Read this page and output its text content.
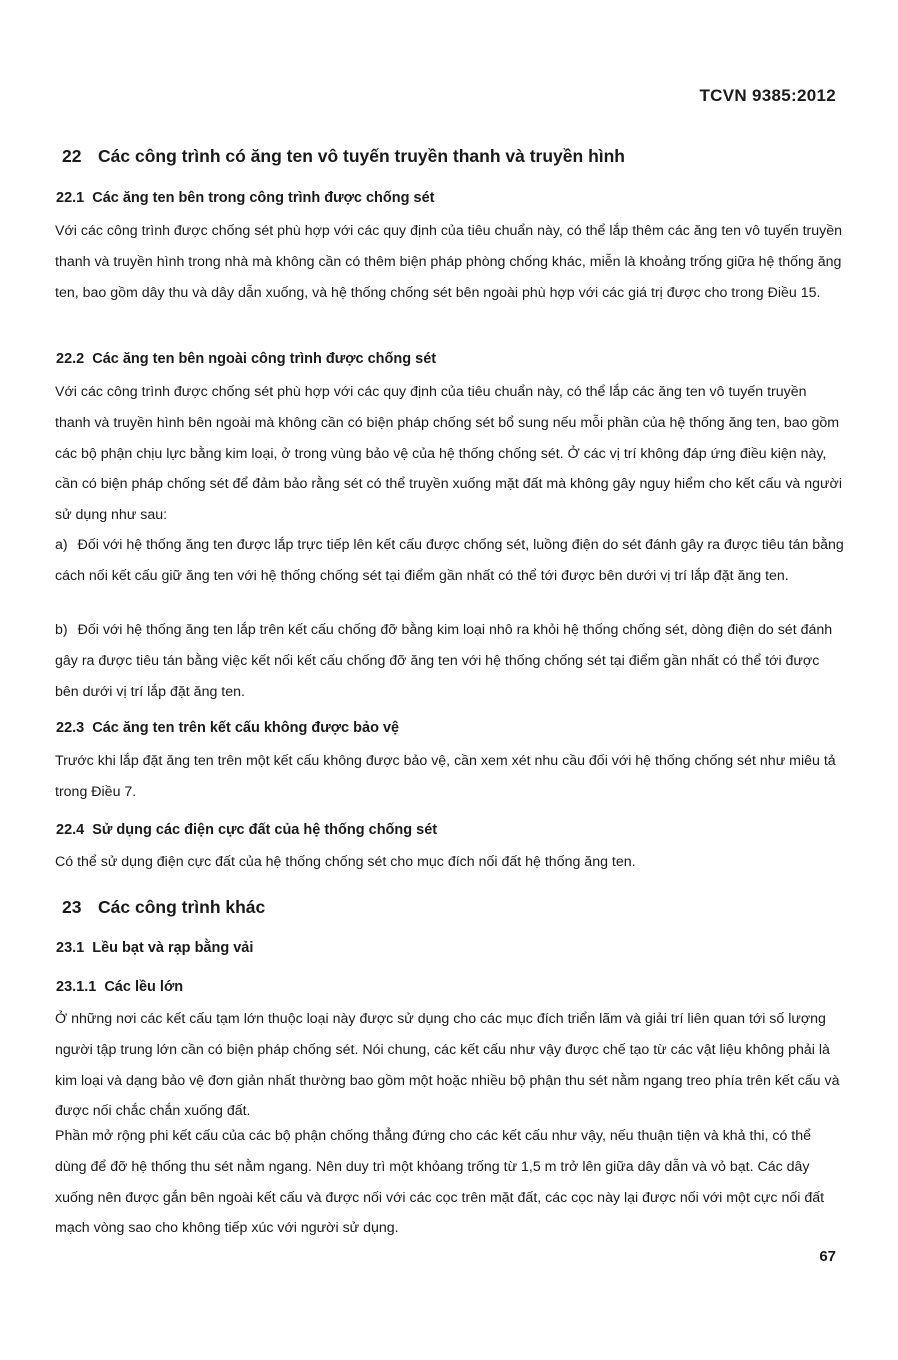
TCVN 9385:2012
22 Các công trình có ăng ten vô tuyến truyền thanh và truyền hình
22.1 Các ăng ten bên trong công trình được chống sét

Với các công trình được chống sét phù hợp với các quy định của tiêu chuẩn này, có thể lắp thêm các ăng ten vô tuyến truyền thanh và truyền hình trong nhà mà không cần có thêm biện pháp phòng chống khác, miễn là khoảng trống giữa hệ thống ăng ten, bao gồm dây thu và dây dẫn xuống, và hệ thống chống sét bên ngoài phù hợp với các giá trị được cho trong Điều 15.

22.2 Các ăng ten bên ngoài công trình được chống sét

Với các công trình được chống sét phù hợp với các quy định của tiêu chuẩn này, có thể lắp các ăng ten vô tuyến truyền thanh và truyền hình bên ngoài mà không cần có biện pháp chống sét bổ sung nếu mỗi phần của hệ thống ăng ten, bao gồm các bộ phận chịu lực bằng kim loại, ở trong vùng bảo vệ của hệ thống chống sét. Ở các vị trí không đáp ứng điều kiện này, cần có biện pháp chống sét để đảm bảo rằng sét có thể truyền xuống mặt đất mà không gây nguy hiểm cho kết cấu và người sử dụng như sau:

a) Đối với hệ thống ăng ten được lắp trực tiếp lên kết cấu được chống sét, luồng điện do sét đánh gây ra được tiêu tán bằng cách nối kết cấu giữ ăng ten với hệ thống chống sét tại điểm gần nhất có thể tới được bên dưới vị trí lắp đặt ăng ten.

b) Đối với hệ thống ăng ten lắp trên kết cấu chống đỡ bằng kim loại nhô ra khỏi hệ thống chống sét, dòng điện do sét đánh gây ra được tiêu tán bằng việc kết nối kết cấu chống đỡ ăng ten với hệ thống chống sét tại điểm gần nhất có thể tới được bên dưới vị trí lắp đặt ăng ten.

22.3 Các ăng ten trên kết cấu không được bảo vệ

Trước khi lắp đặt ăng ten trên một kết cấu không được bảo vệ, cần xem xét nhu cầu đối với hệ thống chống sét như miêu tả trong Điều 7.

22.4 Sử dụng các điện cực đất của hệ thống chống sét

Có thể sử dụng điện cực đất của hệ thống chống sét cho mục đích nối đất hệ thống ăng ten.

23 Các công trình khác
23.1 Lều bạt và rạp bằng vải
23.1.1 Các lều lớn

Ở những nơi các kết cấu tạm lớn thuộc loại này được sử dụng cho các mục đích triển lãm và giải trí liên quan tới số lượng người tập trung lớn cần có biện pháp chống sét. Nói chung, các kết cấu như vậy được chế tạo từ các vật liệu không phải là kim loại và dạng bảo vệ đơn giản nhất thường bao gồm một hoặc nhiều bộ phận thu sét nằm ngang treo phía trên kết cấu và được nối chắc chắn xuống đất.

Phần mở rộng phi kết cấu của các bộ phận chống thẳng đứng cho các kết cấu như vậy, nếu thuận tiện và khả thi, có thể dùng để đỡ hệ thống thu sét nằm ngang. Nên duy trì một khỏang trống từ 1,5 m trở lên giữa dây dẫn và vỏ bạt. Các dây xuống nên được gắn bên ngoài kết cấu và được nối với các cọc trên mặt đất, các cọc này lại được nối với một cực nối đất mạch vòng sao cho không tiếp xúc với người sử dụng.

67
